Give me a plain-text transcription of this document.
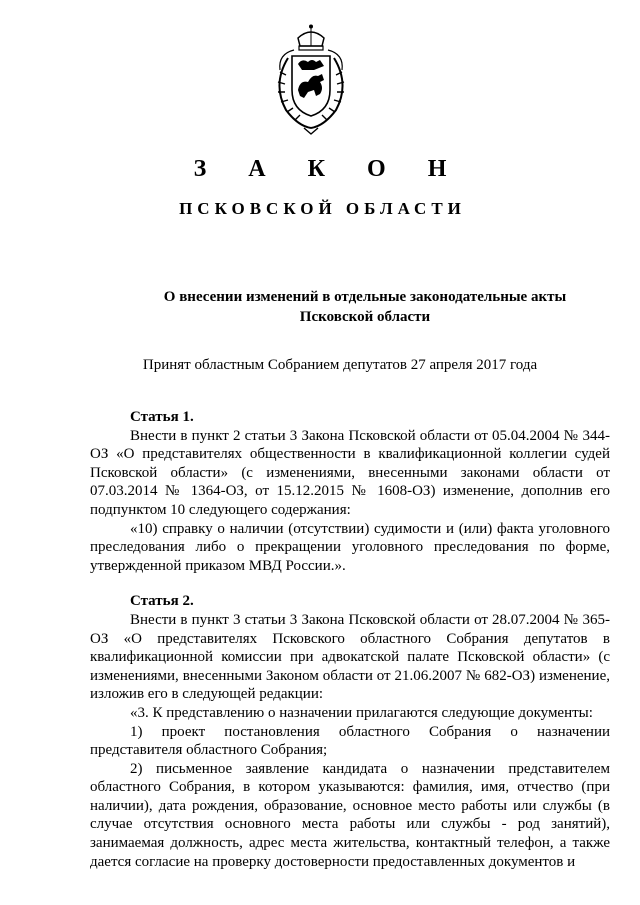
З А К О Н
ПСКОВСКОЙ ОБЛАСТИ
О внесении изменений в отдельные законодательные акты
Псковской области
Принят областным Собранием депутатов 27 апреля 2017 года

Статья 1.

Внести в пункт 2 статьи 3 Закона Псковской области от 05.04.2004 № 344-ОЗ «О представителях общественности в квалификационной коллегии судей Псковской области» (с изменениями, внесенными законами области от 07.03.2014 № 1364-ОЗ, от 15.12.2015 № 1608-ОЗ) изменение, дополнив его подпунктом 10 следующего содержания:

«10) справку о наличии (отсутствии) судимости и (или) факта уголовного преследования либо о прекращении уголовного преследования по форме, утвержденной приказом МВД России.».

Статья 2.

Внести в пункт 3 статьи 3 Закона Псковской области от 28.07.2004 № 365-ОЗ «О представителях Псковского областного Собрания депутатов в квалификационной комиссии при адвокатской палате Псковской области» (с изменениями, внесенными Законом области от 21.06.2007 № 682-ОЗ) изменение, изложив его в следующей редакции:

«3. К представлению о назначении прилагаются следующие документы:

1) проект постановления областного Собрания о назначении представителя областного Собрания;

2) письменное заявление кандидата о назначении представителем областного Собрания, в котором указываются: фамилия, имя, отчество (при наличии), дата рождения, образование, основное место работы или службы (в случае отсутствия основного места работы или службы - род занятий), занимаемая должность, адрес места жительства, контактный телефон, а также дается согласие на проверку достоверности предоставленных документов и
